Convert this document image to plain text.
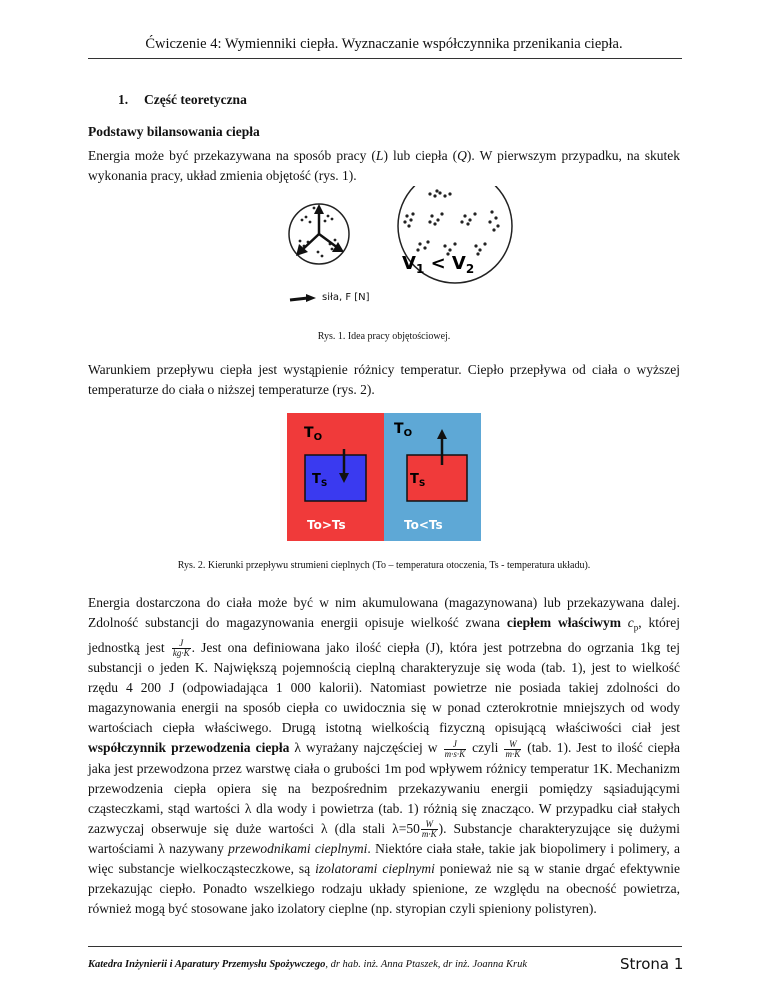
Ćwiczenie 4: Wymienniki ciepła. Wyznaczanie współczynnika przenikania ciepła.
1. Część teoretyczna
Podstawy bilansowania ciepła
Energia może być przekazywana na sposób pracy (L) lub ciepła (Q). W pierwszym przypadku, na skutek wykonania pracy, układ zmienia objętość (rys. 1).
$V_1 < V_2$
siła, F [N]
Rys. 1. Idea pracy objętościowej.
Warunkiem przepływu ciepła jest wystąpienie różnicy temperatur. Ciepło przepływa od ciała o wyższej temperaturze do ciała o niższej temperaturze (rys. 2).
$T_O$
$T_O$
$T_S$	$T_S$
To>Ts	To<Ts
Rys. 2. Kierunki przepływu strumieni cieplnych (To – temperatura otoczenia, Ts - temperatura układu).
Energia dostarczona do ciała może być w nim akumulowana (magazynowana) lub przekazywana dalej. Zdolność substancji do magazynowania energii opisuje wielkość zwana ciepłem właściwym $c_p$, której jednostką jest $\frac{J}{kg\cdot K}$ . Jest ona definiowana jako ilość ciepła (J), która jest potrzebna do ogrzania 1kg tej substancji o jeden K. Największą pojemnością cieplną charakteryzuje się woda (tab. 1), jest to wielkość rzędu 4 200 J (odpowiadająca 1 000 kalorii). Natomiast powietrze nie posiada takiej zdolności do magazynowania energii na sposób ciepła co uwidocznia się w ponad czterokrotnie mniejszych od wody wartościach ciepła właściwego. Drugą istotną wielkością fizyczną opisującą właściwości ciał jest współczynnik przewodzenia ciepła λ wyrażany najczęściej w $\frac{J}{m\cdot s\cdot K}$ czyli $\frac{W}{m\cdot K} (tab$. 1). Jest to ilość ciepła jaka jest przewodzona przez warstwę ciała o grubości 1m pod wpływem różnicy temperatur 1K. Mechanizm przewodzenia ciepła opiera się na bezpośrednim przekazywaniu energii pomiędzy sąsiadującymi cząsteczkami, stąd wartości λ dla wody i powietrza (tab. 1) różnią się znacząco. W przypadku ciał stałych zazwyczaj obserwuje się duże wartości λ (dla stali $\lambda=50 \frac{W}{m\cdot K}$ ). Substancje charakteryzujące się dużymi wartościami λ nazywany przewodnikami cieplnymi. Niektóre ciała stałe, takie jak biopolimery i polimery, a więc substancje wielkocząsteczkowe, są izolatorami cieplnymi ponieważ nie są w stanie drgać efektywnie przekazując ciepło. Ponadto wszelkiego rodzaju układy spienione, ze względu na obecność powietrza, również mogą być stosowane jako izolatory cieplne (np. styropian czyli spieniony polistyren).
Katedra Inżynierii i Aparatury Przemysłu Spożywczego, dr hab. inż. Anna Ptaszek, dr inż. Joanna Kruk	Strona 1
